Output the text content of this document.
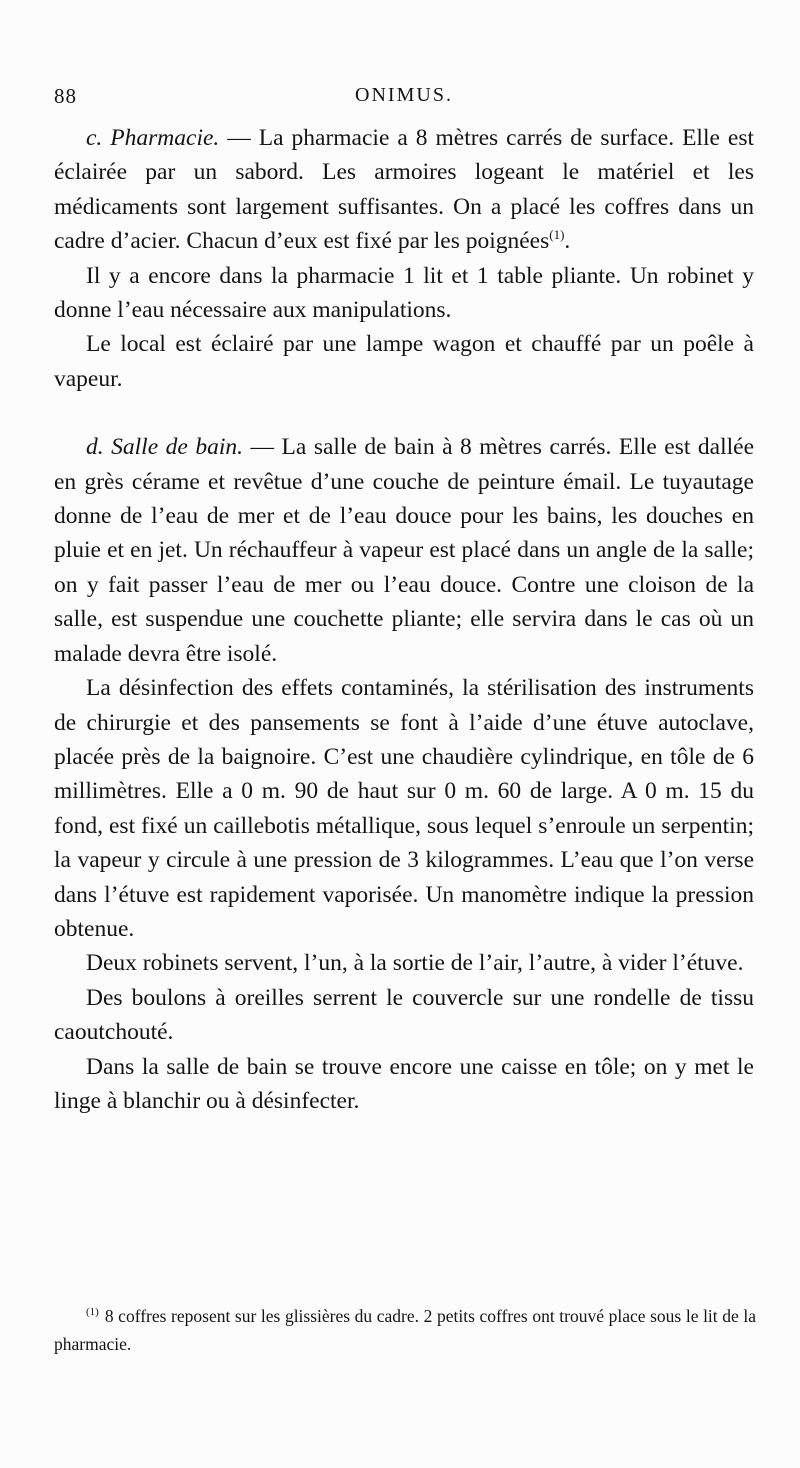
88	ONIMUS.

c. Pharmacie. — La pharmacie a 8 mètres carrés de surface. Elle est éclairée par un sabord. Les armoires logeant le matériel et les médicaments sont largement suffisantes. On a placé les coffres dans un cadre d’acier. Chacun d’eux est fixé par les poignées$^{(1)}$.

Il y a encore dans la pharmacie 1 lit et 1 table pliante. Un robinet y donne l’eau nécessaire aux manipulations.

Le local est éclairé par une lampe wagon et chauffé par un poêle à vapeur.

d. Salle de bain. — La salle de bain à 8 mètres carrés. Elle est dallée en grès cérame et revêtue d’une couche de peinture émail. Le tuyautage donne de l’eau de mer et de l’eau douce pour les bains, les douches en pluie et en jet. Un réchauffeur à vapeur est placé dans un angle de la salle; on y fait passer l’eau de mer ou l’eau douce. Contre une cloison de la salle, est suspendue une couchette pliante; elle servira dans le cas où un malade devra être isolé.

La désinfection des effets contaminés, la stérilisation des instruments de chirurgie et des pansements se font à l’aide d’une étuve autoclave, placée près de la baignoire. C’est une chaudière cylindrique, en tôle de 6 millimètres. Elle a 0 m. 90 de haut sur 0 m. 60 de large. A 0 m. 15 du fond, est fixé un caillebotis métallique, sous lequel s’enroule un serpentin; la vapeur y circule à une pression de 3 kilogrammes. L’eau que l’on verse dans l’étuve est rapidement vaporisée. Un manomètre indique la pression obtenue.

Deux robinets servent, l’un, à la sortie de l’air, l’autre, à vider l’étuve.

Des boulons à oreilles serrent le couvercle sur une rondelle de tissu caoutchouté.

Dans la salle de bain se trouve encore une caisse en tôle; on y met le linge à blanchir ou à désinfecter.

$^{(1)}$ 8 coffres reposent sur les glissières du cadre. 2 petits coffres ont trouvé place sous le lit de la pharmacie.
